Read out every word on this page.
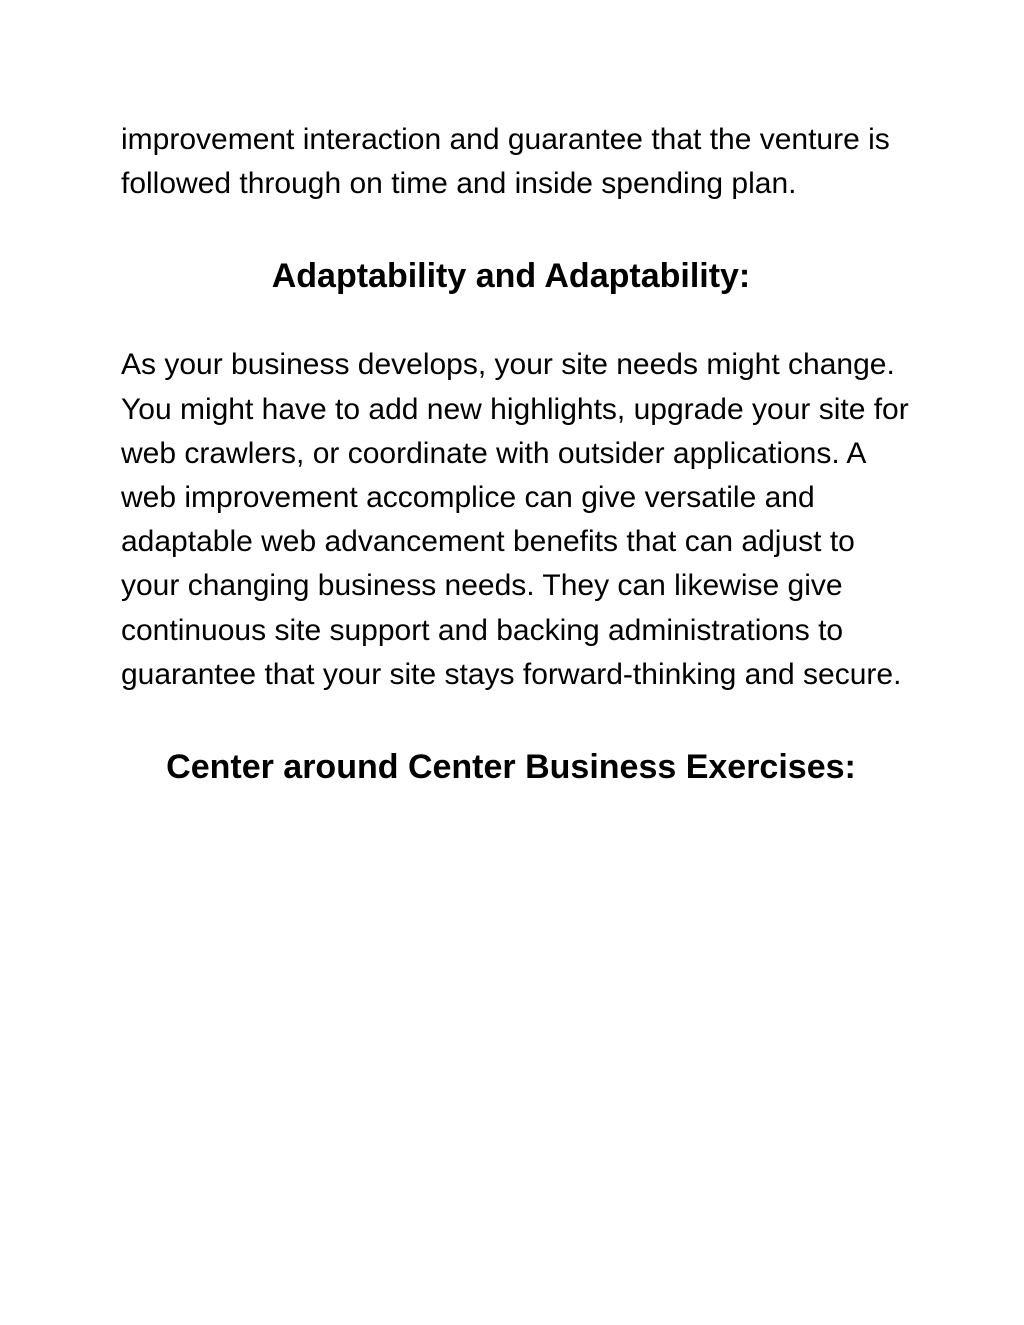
improvement interaction and guarantee that the venture is followed through on time and inside spending plan.

Adaptability and Adaptability:

As your business develops, your site needs might change. You might have to add new highlights, upgrade your site for web crawlers, or coordinate with outsider applications. A web improvement accomplice can give versatile and adaptable web advancement benefits that can adjust to your changing business needs. They can likewise give continuous site support and backing administrations to guarantee that your site stays forward-thinking and secure.

Center around Center Business Exercises:
